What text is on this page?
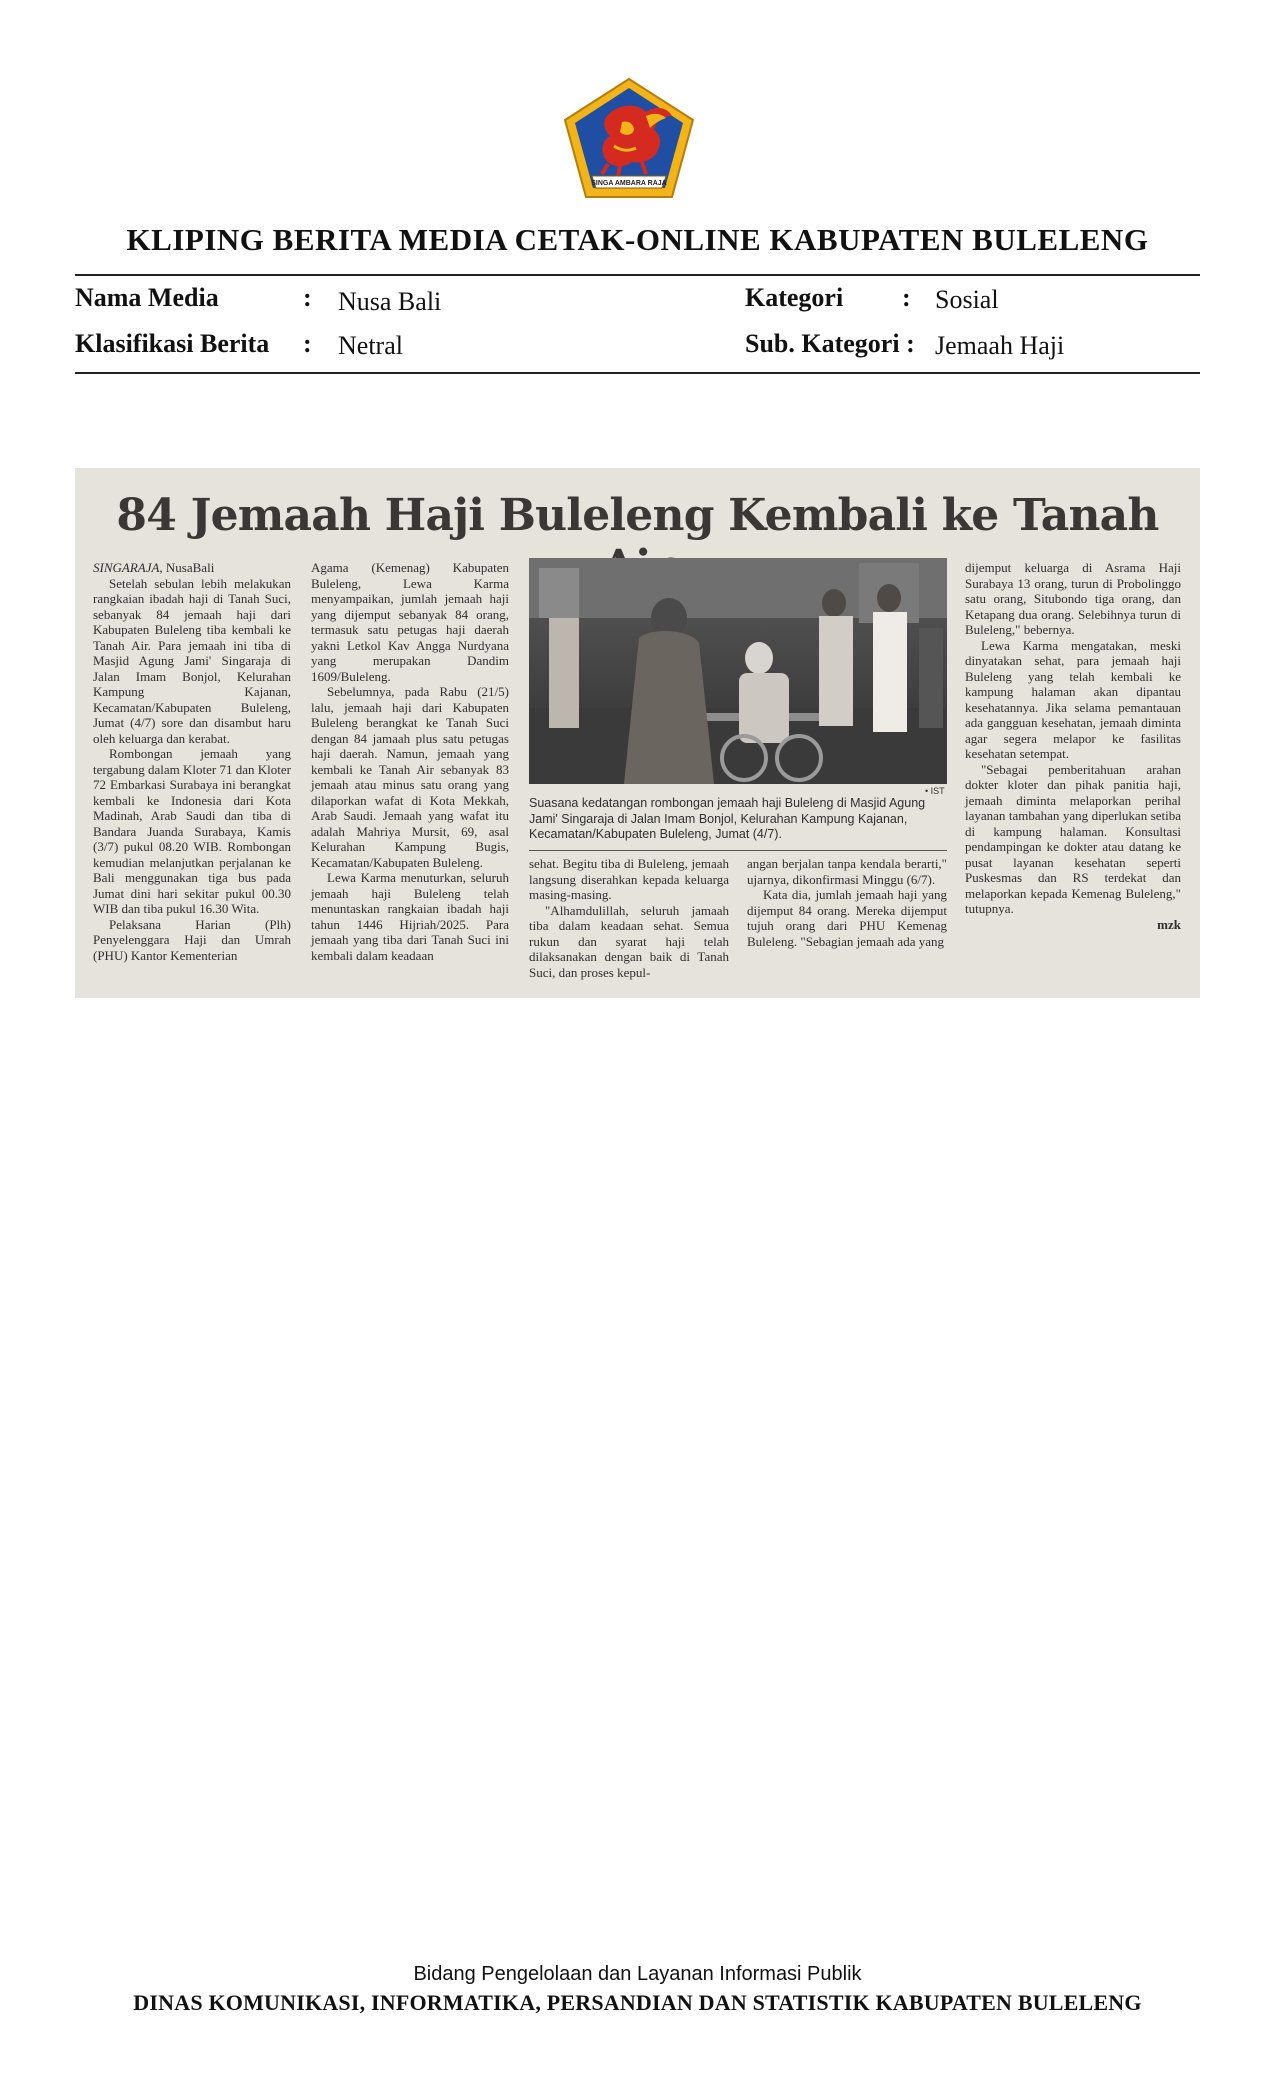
SINGA AMBARA RAJA
KLIPING BERITA MEDIA CETAK-ONLINE KABUPATEN BULELENG
Nama Media	: Nusa Bali	Kategori : Sosial
Klasifikasi Berita : Netral	Sub. Kategori : Jemaah Haji
84 Jemaah Haji Buleleng Kembali ke Tanah

SINGARAJA, NusaBali

Setelah sebulan lebih melakukan rangkaian ibadah haji di Tanah Suci, sebanyak 84 jemaah haji dari Kabupaten Buleleng tiba kembali ke Tanah Air. Para jemaah ini tiba di Masjid Agung Jami' Singaraja di Jalan Imam Bonjol, Kelurahan Kampung Kajanan, Kecamatan/Kabupaten Buleleng, Jumat (4/7) sore dan disambut haru oleh keluarga dan kerabat.

Rombongan jemaah yang tergabung dalam Kloter 71 dan Kloter 72 Embarkasi Surabaya ini berangkat kembali ke Indonesia dari Kota Madinah, Arab Saudi dan tiba di Bandara Juanda Surabaya, Kamis (3/7) pukul 08.20 WIB. Rombongan kemudian melanjutkan perjalanan ke Bali menggunakan tiga bus pada Jumat dini hari sekitar pukul 00.30 WIB dan tiba pukul 16.30 Wita.

Pelaksana Harian (Plh) Penyelenggara Haji dan Umrah (PHU) Kantor Kementerian

Agama (Kemenag) Kabupaten Buleleng, Lewa Karma menyampaikan, jumlah jemaah haji yang dijemput sebanyak 84 orang, termasuk satu petugas haji daerah yakni Letkol Kav Angga Nurdyana yang merupakan Dandim 1609/Buleleng.

Sebelumnya, pada Rabu (21/5) lalu, jemaah haji dari Kabupaten Buleleng berangkat ke Tanah Suci dengan 84 jamaah plus satu petugas haji daerah. Namun, jemaah yang kembali ke Tanah Air sebanyak 83 jemaah atau minus satu orang yang dilaporkan wafat di Kota Mekkah, Arab Saudi. Jemaah yang wafat itu adalah Mahriya Mursit, 69, asal Kelurahan Kampung Bugis, Kecamatan/Kabupaten Buleleng.

Lewa Karma menuturkan, seluruh jemaah haji Buleleng telah menuntaskan rangkaian ibadah haji tahun 1446 Hijriah/2025. Para jemaah yang tiba dari Tanah Suci ini kembali dalam keadaan

• IST
Suasana kedatangan rombongan jemaah haji Buleleng di Masjid Agung Jami' Singaraja di Jalan Imam Bonjol, Kelurahan Kampung Kajanan, Kecamatan/Kabupaten Buleleng, Jumat (4/7).

sehat. Begitu tiba di Buleleng, jemaah langsung diserahkan kepada keluarga masing-masing.

"Alhamdulillah, seluruh jamaah tiba dalam keadaan sehat. Semua rukun dan syarat haji telah dilaksanakan dengan baik di Tanah Suci, dan proses kepul-

angan berjalan tanpa kendala berarti," ujarnya, dikonfirmasi Minggu (6/7).

Kata dia, jumlah jemaah haji yang dijemput 84 orang. Mereka dijemput tujuh orang dari PHU Kemenag Buleleng. "Sebagian jemaah ada yang

dijemput keluarga di Asrama Haji Surabaya 13 orang, turun di Probolinggo satu orang, Situbondo tiga orang, dan Ketapang dua orang. Selebihnya turun di Buleleng," bebernya.

Lewa Karma mengatakan, meski dinyatakan sehat, para jemaah haji Buleleng yang telah kembali ke kampung halaman akan dipantau kesehatannya. Jika selama pemantauan ada gangguan kesehatan, jemaah diminta agar segera melapor ke fasilitas kesehatan setempat.

"Sebagai pemberitahuan arahan dokter kloter dan pihak panitia haji, jemaah diminta melaporkan perihal layanan tambahan yang diperlukan setiba di kampung halaman. Konsultasi pendampingan ke dokter atau datang ke pusat layanan kesehatan seperti Puskesmas dan RS terdekat dan melaporkan kepada Kemenag Buleleng," tutupnya.

mzk

Bidang Pengelolaan dan Layanan Informasi Publik
DINAS KOMUNIKASI, INFORMATIKA, PERSANDIAN DAN STATISTIK KABUPATEN BULELENG
